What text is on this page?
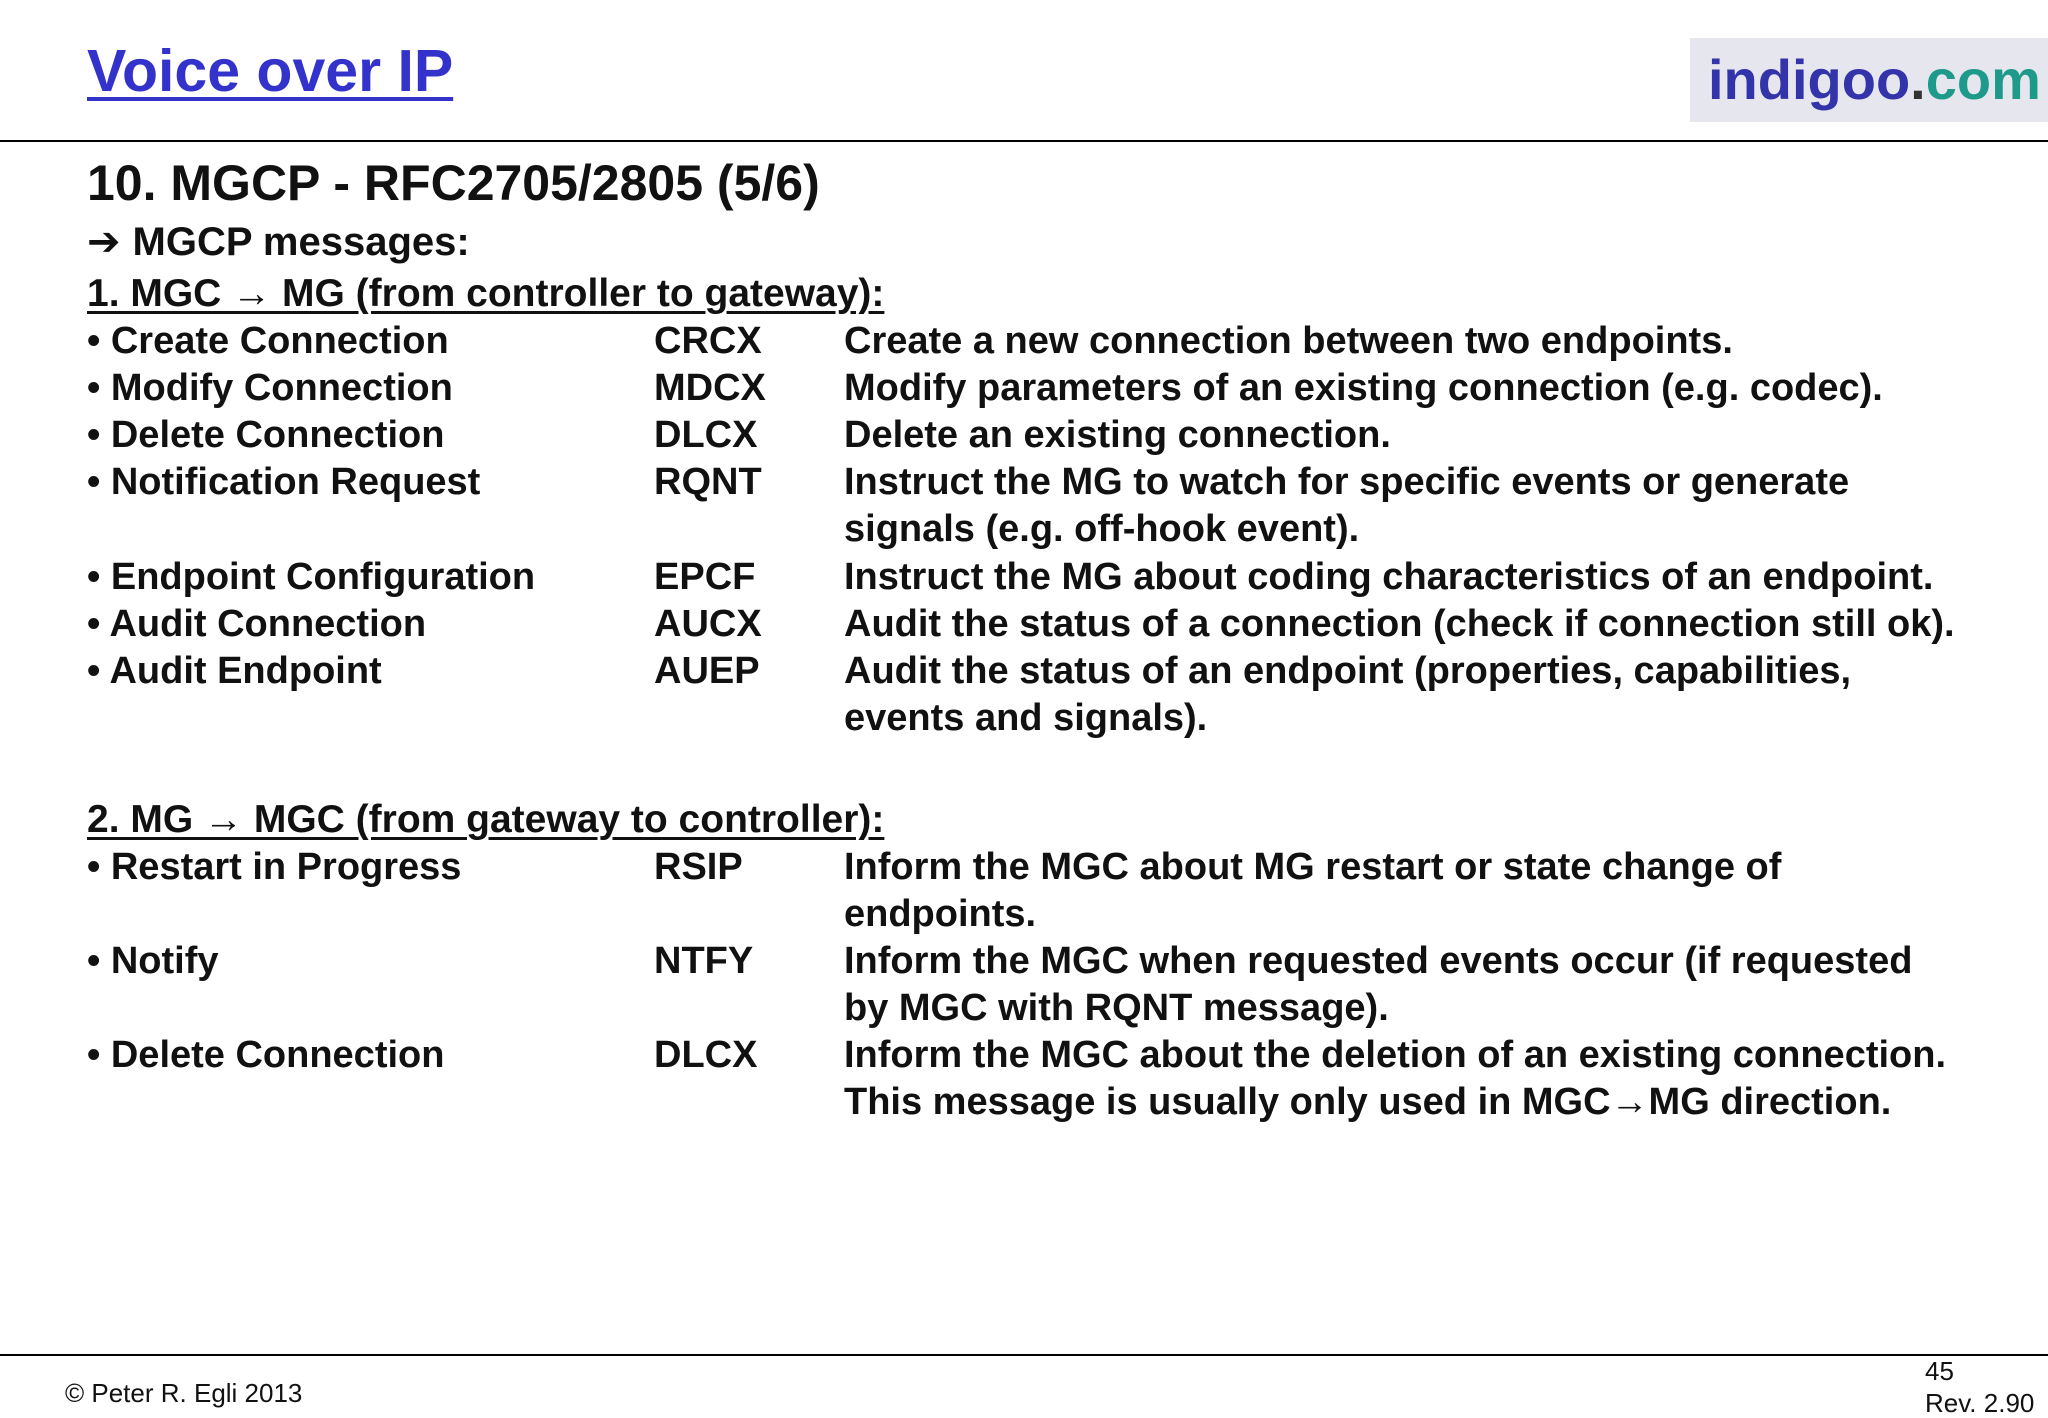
Voice over IP	indigoo.com
10. MGCP - RFC2705/2805 (5/6)
➔ MGCP messages:
1. MGC → MG (from controller to gateway):
• Create Connection	CRCX Create a new connection between two endpoints.
• Modify Connection	MDCX Modify parameters of an existing connection (e.g. codec).
• Delete Connection	DLCX Delete an existing connection.
• Notification Request	RQNT Instruct the MG to watch for specific events or generate
signals (e.g. off-hook event).
• Endpoint Configuration	EPCF Instruct the MG about coding characteristics of an endpoint.
• Audit Connection	AUCX Audit the status of a connection (check if connection still ok).
• Audit Endpoint	AUEP Audit the status of an endpoint (properties, capabilities,
events and signals).
2. MG → MGC (from gateway to controller):
• Restart in Progress	RSIP	Inform the MGC about MG restart or state change of
endpoints.
• Notify	NTFY Inform the MGC when requested events occur (if requested
by MGC with RQNT message).
• Delete Connection	DLCX Inform the MGC about the deletion of an existing connection.
This message is usually only used in MGC→MG direction.
© Peter R. Egli 2013
45
Rev. 2.90
